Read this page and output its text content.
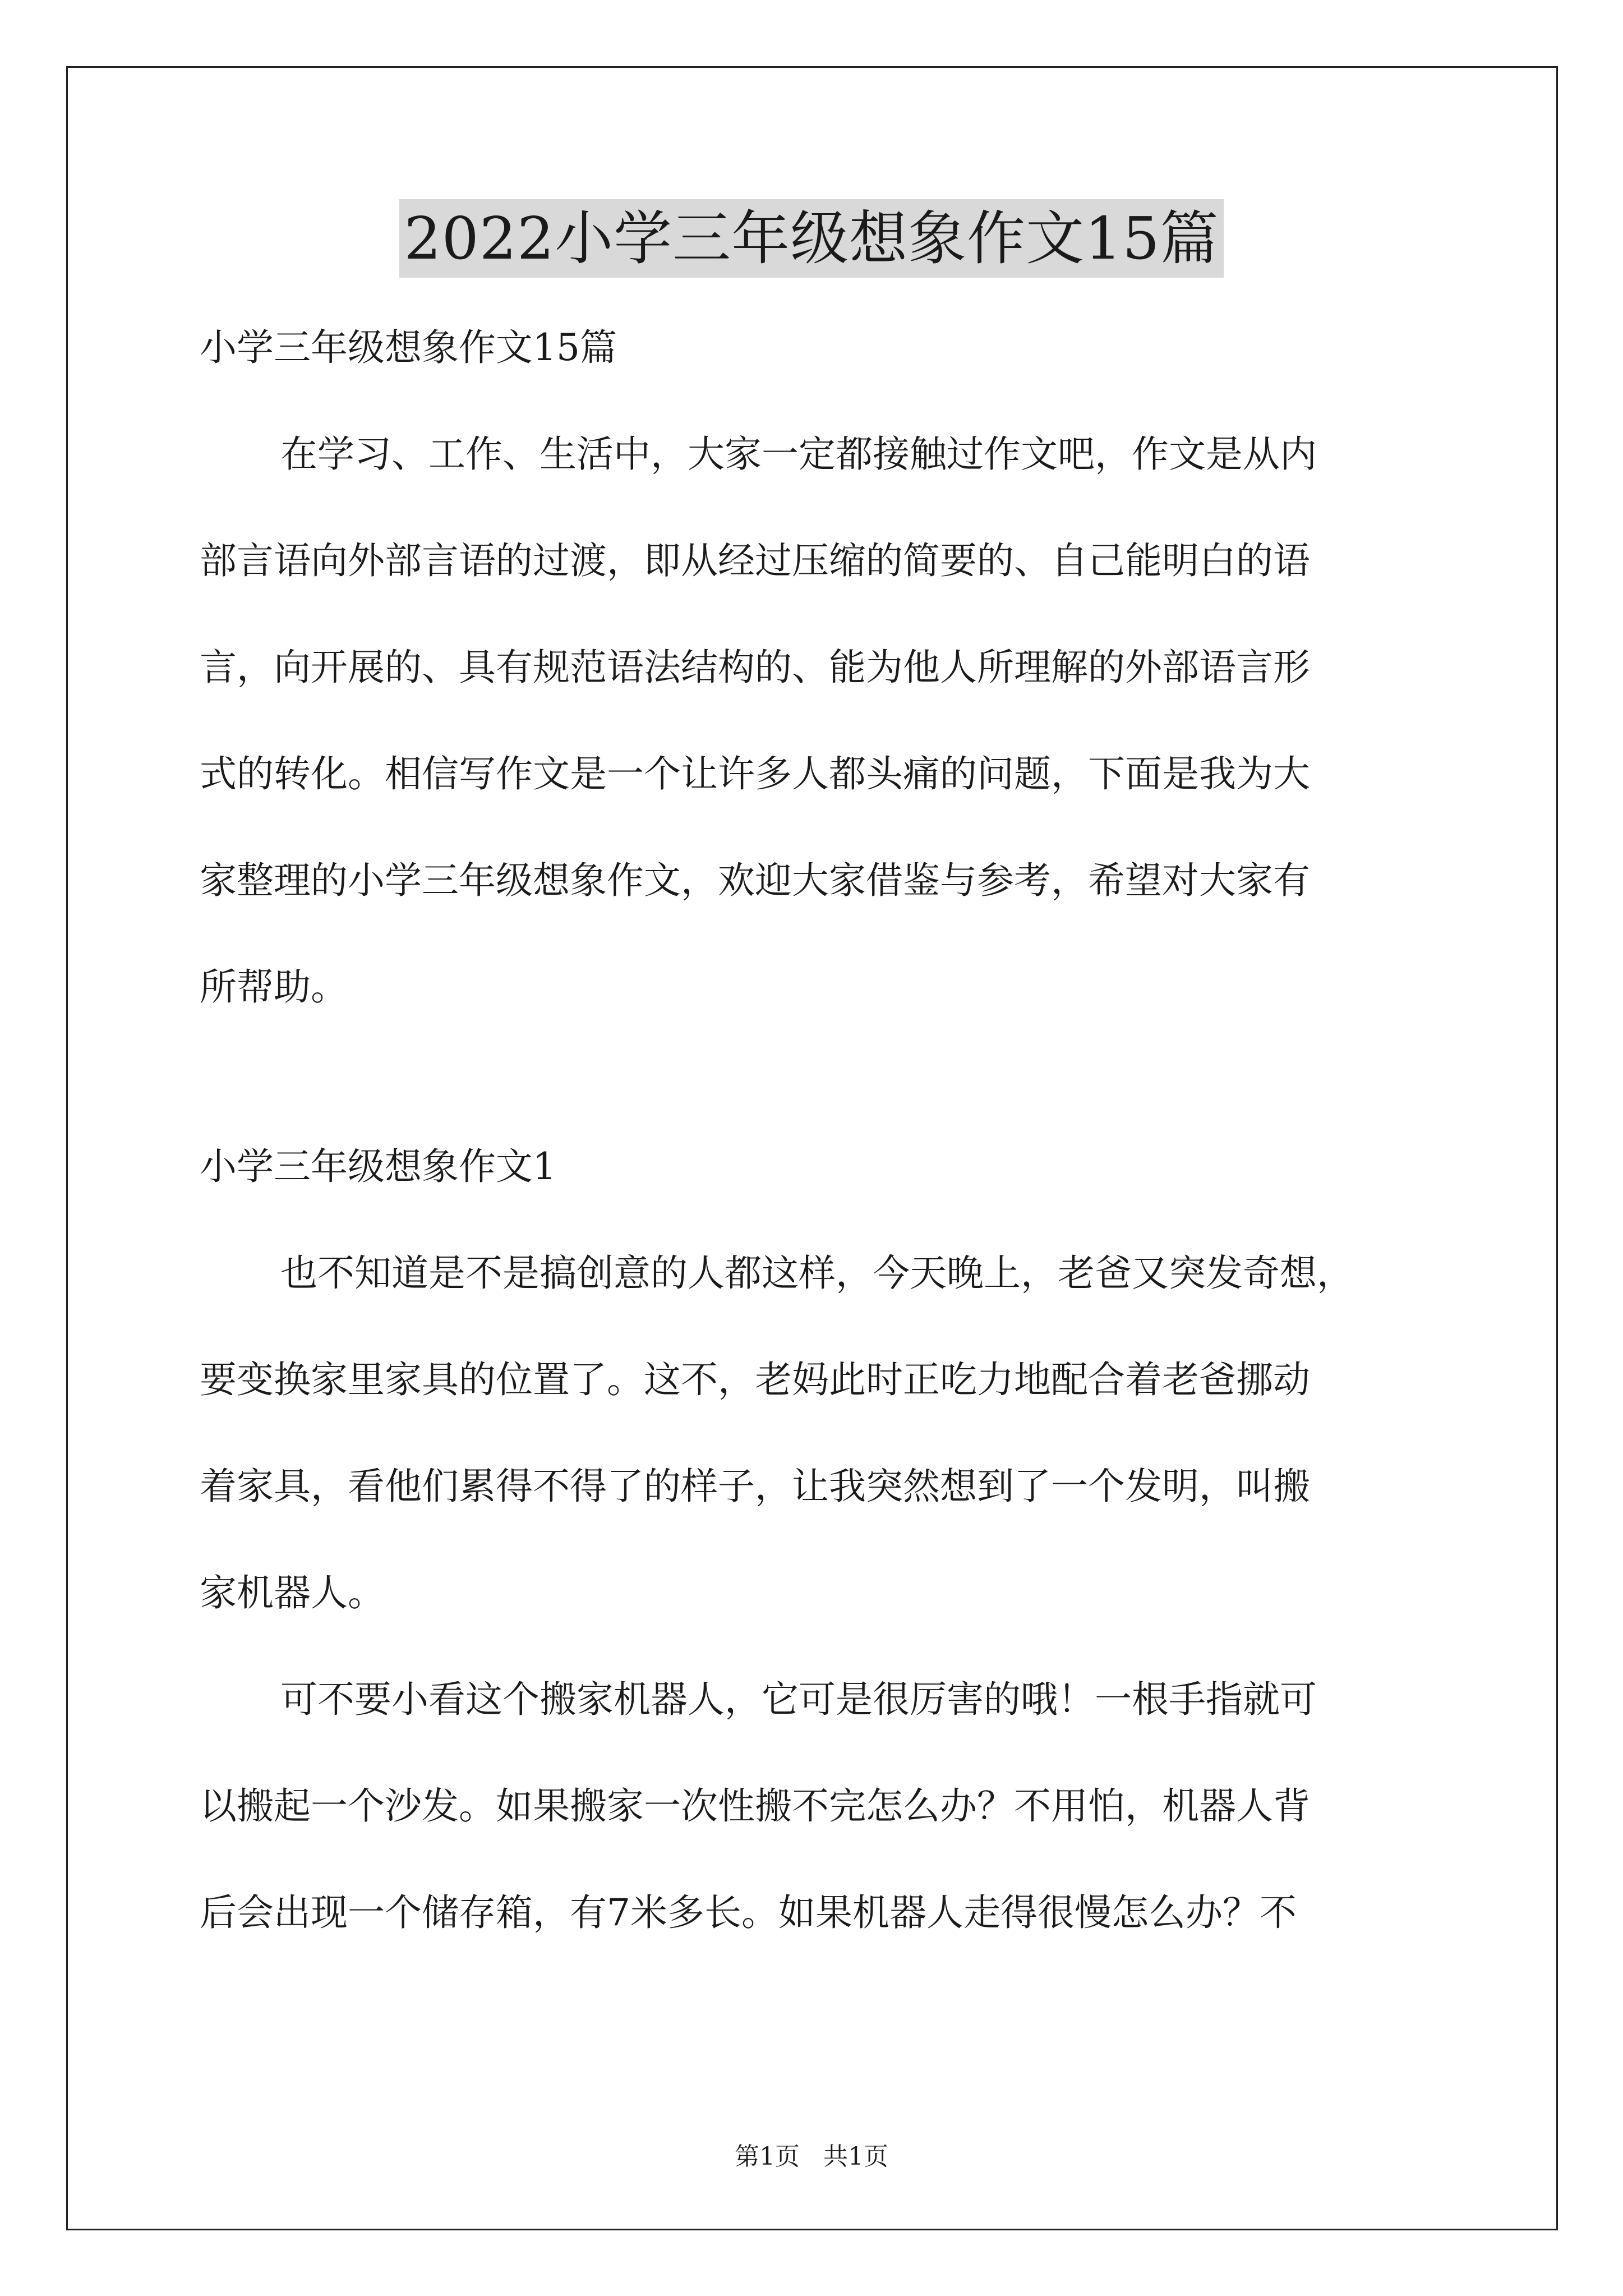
2022小学三年级想象作文15篇

小学三年级想象作文15篇

在学习、工作、生活中，大家一定都接触过作文吧，作文是从内

部言语向外部言语的过渡，即从经过压缩的简要的、自己能明白的语

言，向开展的、具有规范语法结构的、能为他人所理解的外部语言形

式的转化。相信写作文是一个让许多人都头痛的问题，下面是我为大

家整理的小学三年级想象作文，欢迎大家借鉴与参考，希望对大家有

所帮助。

小学三年级想象作文1

也不知道是不是搞创意的人都这样，今天晚上，老爸又突发奇想，

要变换家里家具的位置了。这不，老妈此时正吃力地配合着老爸挪动

着家具，看他们累得不得了的样子，让我突然想到了一个发明，叫搬

家机器人。

可不要小看这个搬家机器人，它可是很厉害的哦！一根手指就可

以搬起一个沙发。如果搬家一次性搬不完怎么办？不用怕，机器人背

后会出现一个储存箱，有7米多长。如果机器人走得很慢怎么办？不

第1页   共1页
